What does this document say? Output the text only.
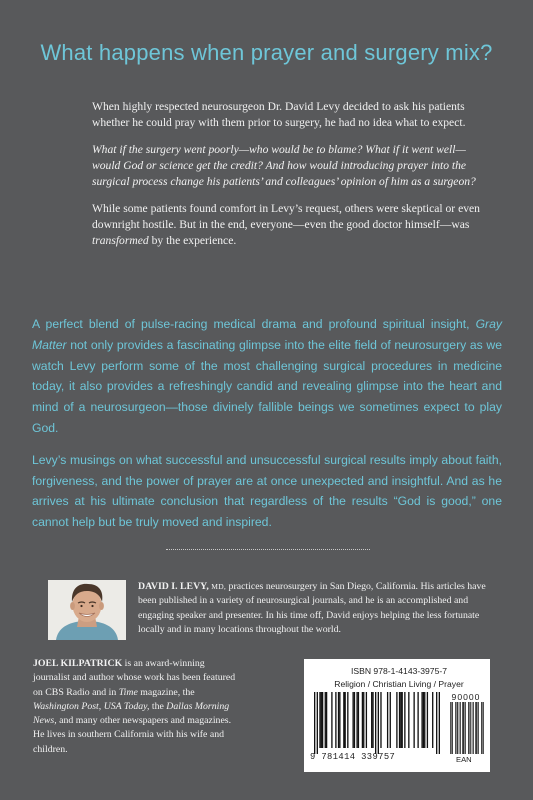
What happens when prayer and surgery mix?

When highly respected neurosurgeon Dr. David Levy decided to ask his patients whether he could pray with them prior to surgery, he had no idea what to expect.

What if the surgery went poorly—who would be to blame? What if it went well—would God or science get the credit? And how would introducing prayer into the surgical process change his patients’ and colleagues’ opinion of him as a surgeon?

While some patients found comfort in Levy’s request, others were skeptical or even downright hostile. But in the end, everyone—even the good doctor himself—was transformed by the experience.

A perfect blend of pulse-racing medical drama and profound spiritual insight, Gray Matter not only provides a fascinating glimpse into the elite field of neurosurgery as we watch Levy perform some of the most challenging surgical procedures in medicine today, it also provides a refreshingly candid and revealing glimpse into the heart and mind of a neurosurgeon—those divinely fallible beings we sometimes expect to play God.

Levy’s musings on what successful and unsuccessful surgical results imply about faith, forgiveness, and the power of prayer are at once unexpected and insightful. And as he arrives at his ultimate conclusion that regardless of the results “God is good,” one cannot help but be truly moved and inspired.

DAVID I. LEVY, MD, practices neurosurgery in San Diego, California. His articles have been published in a variety of neurosurgical journals, and he is an accomplished and engaging speaker and presenter. In his time off, David enjoys helping the less fortunate locally and in many locations throughout the world.
JOEL KILPATRICK is an award-winning journalist and author whose work has been featured on CBS Radio and in Time magazine, the Washington Post, USA Today, the Dallas Morning News, and many other newspapers and magazines. He lives in southern California with his wife and children.
ISBN 978-1-4143-3975-7
Religion / Christian Living / Prayer
90000
9 781414 339757	EAN
